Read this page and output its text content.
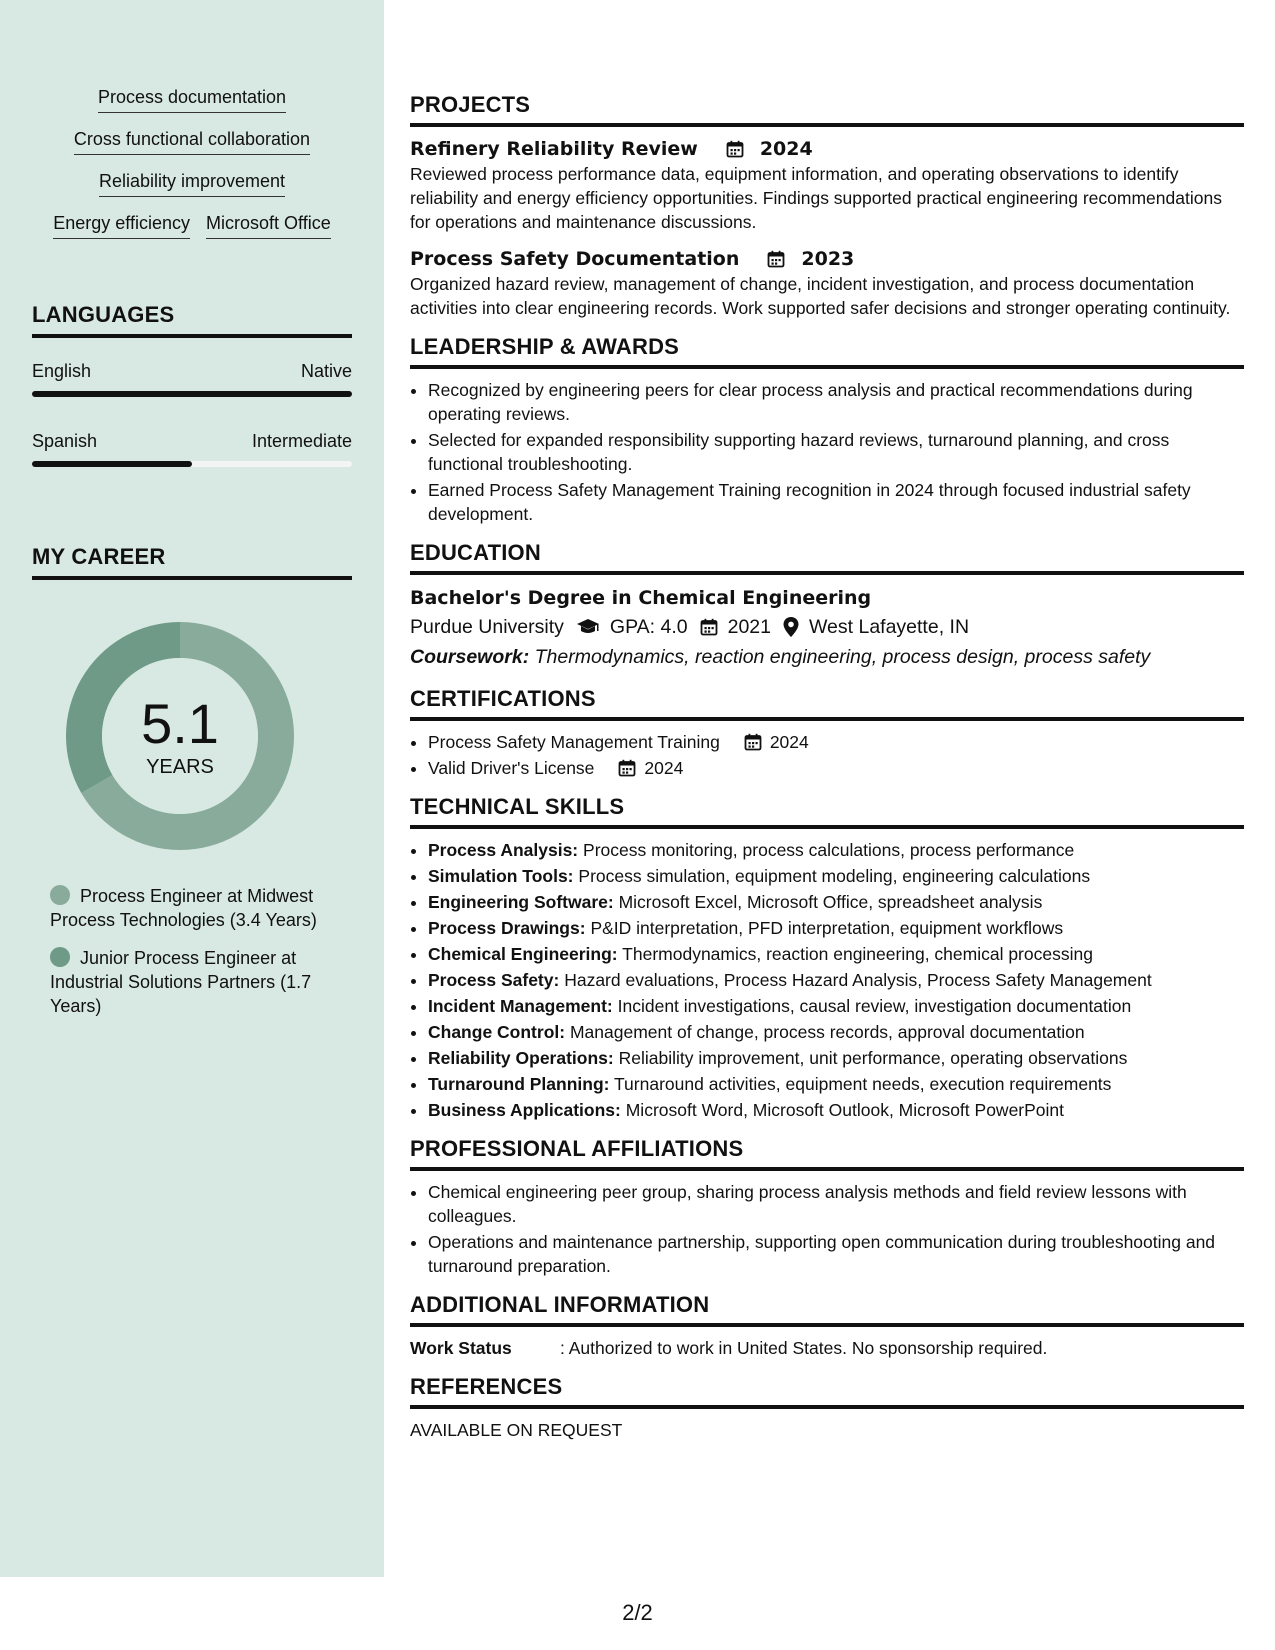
Process documentation
Cross functional collaboration
Reliability improvement
Energy efficiency Microsoft Office
LANGUAGES
English	Native
Spanish	Intermediate
MY CAREER
5.1
YEARS
Process Engineer at Midwest Process Technologies (3.4 Years)
Junior Process Engineer at Industrial Solutions Partners (1.7 Years)
PROJECTS
Refinery Reliability Review	2024
Reviewed process performance data, equipment information, and operating observations to identify reliability and energy efficiency opportunities. Findings supported practical engineering recommendations for operations and maintenance discussions.
Process Safety Documentation	2023
Organized hazard review, management of change, incident investigation, and process documentation activities into clear engineering records. Work supported safer decisions and stronger operating continuity.
LEADERSHIP & AWARDS
• Recognized by engineering peers for clear process analysis and practical recommendations during operating reviews.
• Selected for expanded responsibility supporting hazard reviews, turnaround planning, and cross functional troubleshooting.
• Earned Process Safety Management Training recognition in 2024 through focused industrial safety development.
EDUCATION
Bachelor's Degree in Chemical Engineering
Purdue University GPA: 4.0 2021 West Lafayette, IN
Coursework: Thermodynamics, reaction engineering, process design, process safety
CERTIFICATIONS
• Process Safety Management Training	2024
• Valid Driver's License	2024
TECHNICAL SKILLS
• Process Analysis: Process monitoring, process calculations, process performance
• Simulation Tools: Process simulation, equipment modeling, engineering calculations
• Engineering Software: Microsoft Excel, Microsoft Office, spreadsheet analysis
• Process Drawings: P&ID interpretation, PFD interpretation, equipment workflows
• Chemical Engineering: Thermodynamics, reaction engineering, chemical processing
• Process Safety: Hazard evaluations, Process Hazard Analysis, Process Safety Management
• Incident Management: Incident investigations, causal review, investigation documentation
• Change Control: Management of change, process records, approval documentation
• Reliability Operations: Reliability improvement, unit performance, operating observations
• Turnaround Planning: Turnaround activities, equipment needs, execution requirements
• Business Applications: Microsoft Word, Microsoft Outlook, Microsoft PowerPoint
PROFESSIONAL AFFILIATIONS
• Chemical engineering peer group, sharing process analysis methods and field review lessons with colleagues.
• Operations and maintenance partnership, supporting open communication during troubleshooting and turnaround preparation.
ADDITIONAL INFORMATION
Work Status	: Authorized to work in United States. No sponsorship required.
REFERENCES
AVAILABLE ON REQUEST
2/2
